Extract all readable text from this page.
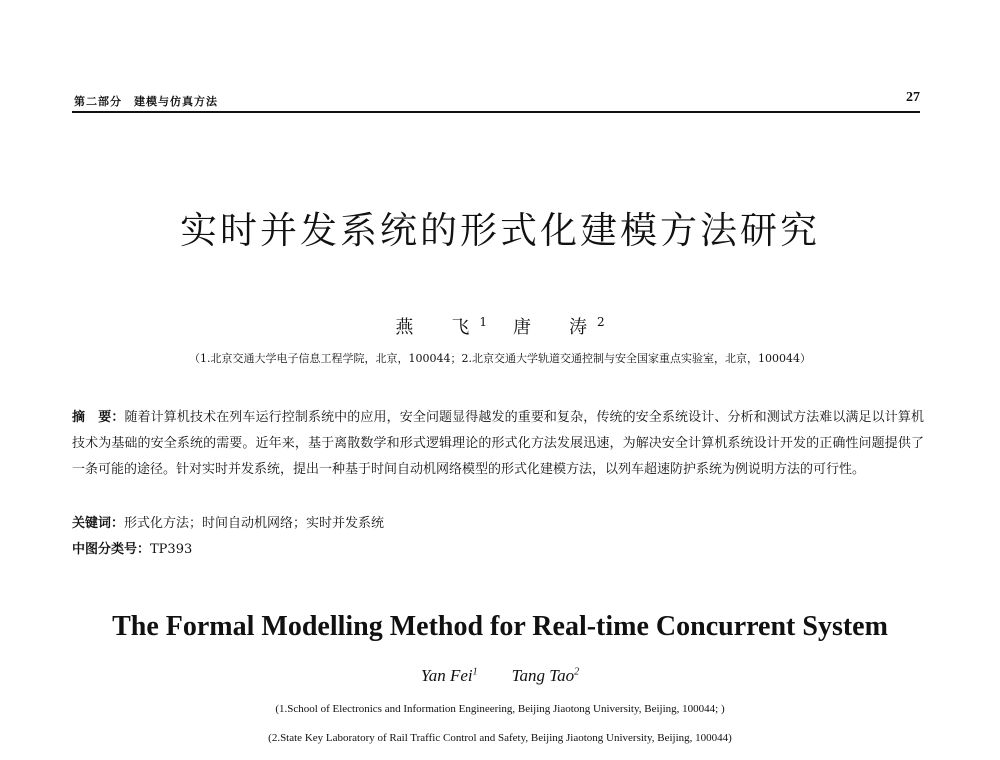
第二部分　建模与仿真方法	27
实时并发系统的形式化建模方法研究
燕　飞$^1$ 唐　涛$^2$
（1.北京交通大学电子信息工程学院，北京，100044；2.北京交通大学轨道交通控制与安全国家重点实验室，北京，100044）
摘　要：随着计算机技术在列车运行控制系统中的应用，安全问题显得越发的重要和复杂，传统的安全系统设计、分析和测试方法难以满足以计算机技术为基础的安全系统的需要。近年来，基于离散数学和形式逻辑理论的形式化方法发展迅速，为解决安全计算机系统设计开发的正确性问题提供了一条可能的途径。针对实时并发系统，提出一种基于时间自动机网络模型的形式化建模方法，以列车超速防护系统为例说明方法的可行性。
关键词：形式化方法；时间自动机网络；实时并发系统
中图分类号：TP393
The Formal Modelling Method for Real-time Concurrent System
Yan Fei$^1$ Tang Tao$^2$
(1.School of Electronics and Information Engineering, Beijing Jiaotong University, Beijing, 100044; )
(2.State Key Laboratory of Rail Traffic Control and Safety, Beijing Jiaotong University, Beijing, 100044)
